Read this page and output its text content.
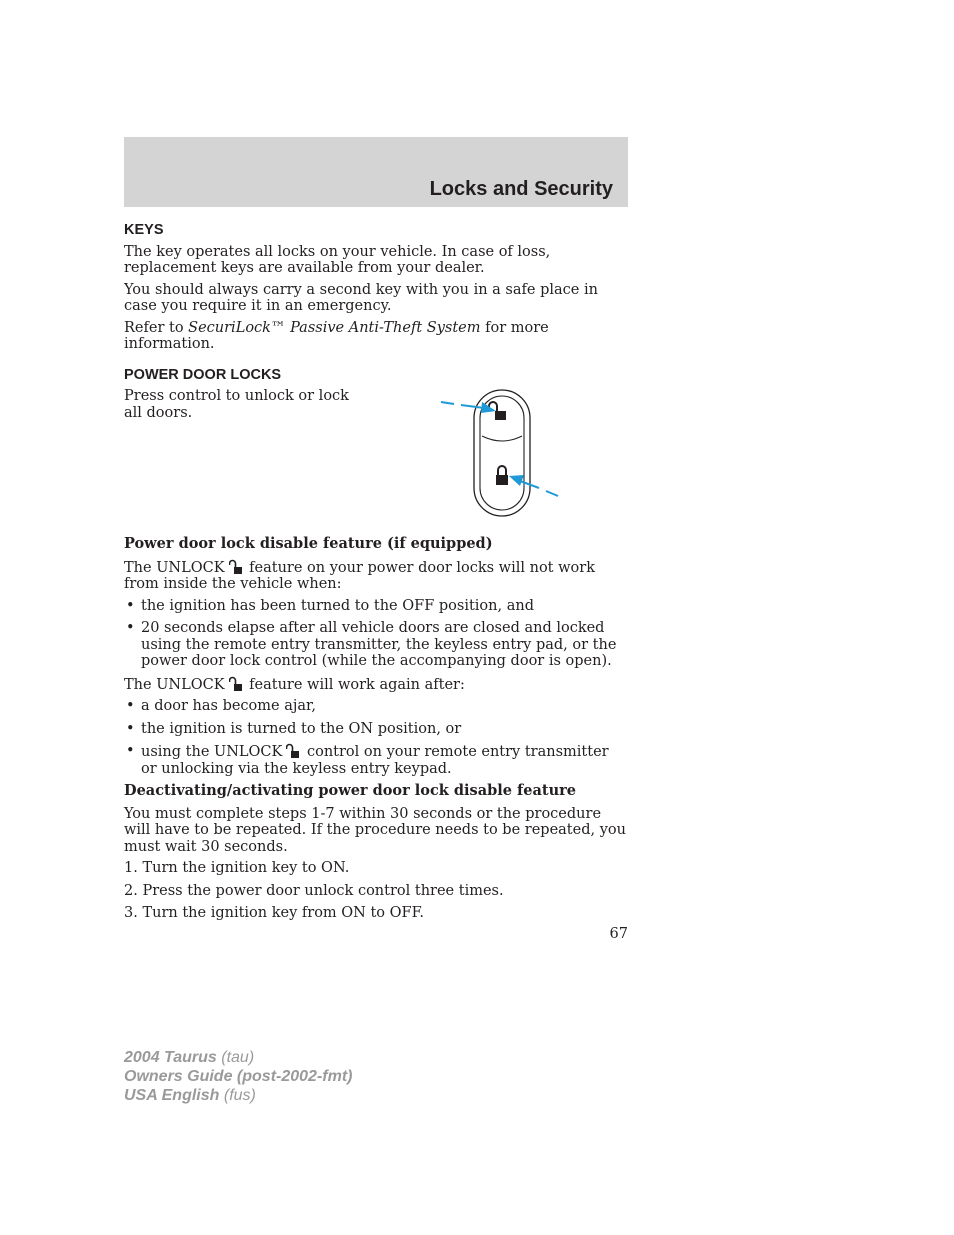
Locks and Security
KEYS

The key operates all locks on your vehicle. In case of loss, replacement keys are available from your dealer.

You should always carry a second key with you in a safe place in case you require it in an emergency.

Refer to SecuriLock™ Passive Anti-Theft System for more information.

POWER DOOR LOCKS
Press control to unlock or lock all doors.

Power door lock disable feature (if equipped)

The UNLOCK feature on your power door locks will not work from inside the vehicle when:

• the ignition has been turned to the OFF position, and
• 20 seconds elapse after all vehicle doors are closed and locked using the remote entry transmitter, the keyless entry pad, or the power door lock control (while the accompanying door is open).

The UNLOCK feature will work again after:

• a door has become ajar,
• the ignition is turned to the ON position, or
• using the UNLOCK control on your remote entry transmitter or unlocking via the keyless entry keypad.

Deactivating/activating power door lock disable feature

You must complete steps 1-7 within 30 seconds or the procedure will have to be repeated. If the procedure needs to be repeated, you must wait 30 seconds.

1. Turn the ignition key to ON.

2. Press the power door unlock control three times.

3. Turn the ignition key from ON to OFF.

67
2004 Taurus (tau)
Owners Guide (post-2002-fmt)
USA English (fus)
